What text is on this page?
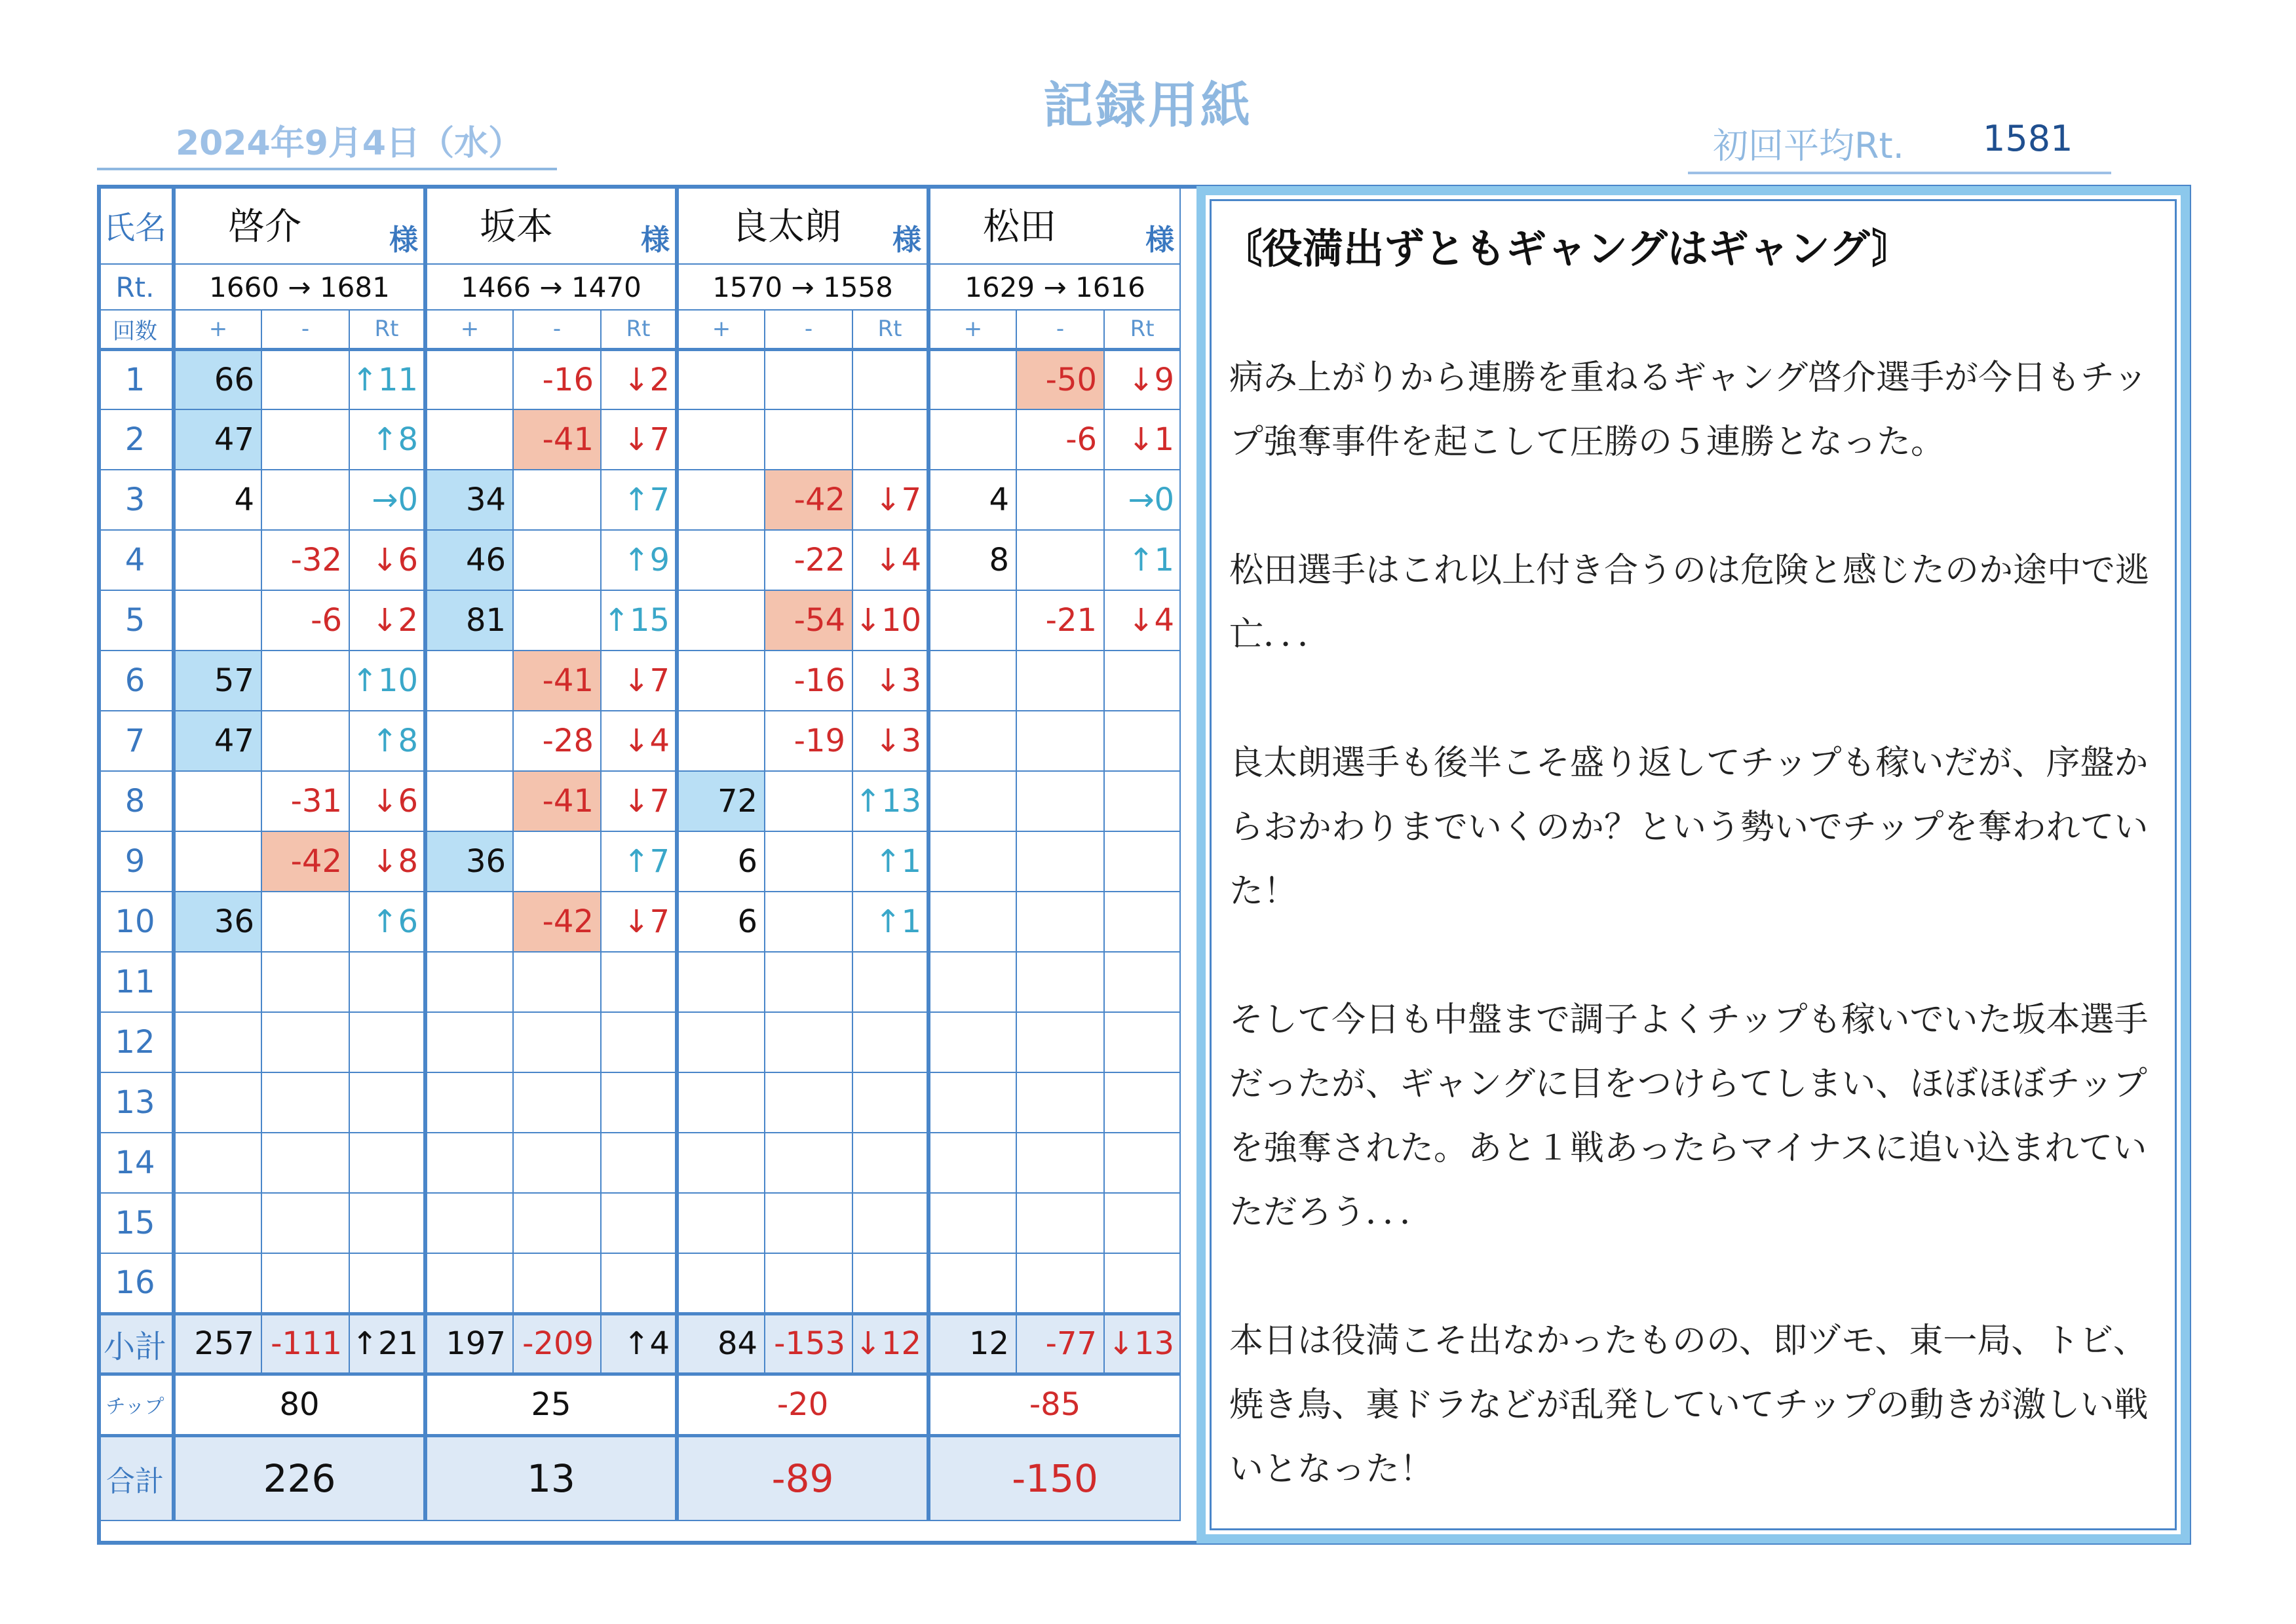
記録用紙
2024年9月4日（水）	初回平均Rt. 1581
氏名	啓介 様			坂本 様			良太朗 様			松田 様		

Rt.	1660 → 1681			1466 → 1470			1570 → 1558			1629 → 1616		
回数	+	-	Rt	+	-	Rt	+	-	Rt	+	-	Rt
1	66		↑11		-16	↓2					-50	↓9
2	47		↑8		-41	↓7					-6	↓1
3	4		→0	34		↑7		-42	↓7	4		→0
4		-32	↓6	46		↑9		-22	↓4	8		↑1
5		-6	↓2	81		↑15		-54	↓10		-21	↓4
6	57		↑10		-41	↓7		-16	↓3			
7	47		↑8		-28	↓4		-19	↓3			
8		-31	↓6		-41	↓7	72		↑13			
9		-42	↓8	36		↑7	6		↑1			
10	36		↑6		-42	↓7	6		↑1			
11												
12												
13												
14												
15												
16												
小計	257	-111	↑21	197	-209	↑4	84	-153	↓12	12	-77	↓13
チップ	80			25			-20			-85		
合計	226			13			-89			-150		
〘役満出ずともギャングはギャング〙

病み上がりから連勝を重ねるギャング啓介選手が今日もチップ強奪事件を起こして圧勝の５連勝となった。

松田選手はこれ以上付き合うのは危険と感じたのか途中で逃亡．．．

良太朗選手も後半こそ盛り返してチップも稼いだが、序盤からおかわりまでいくのか？という勢いでチップを奪われていた！

そして今日も中盤まで調子よくチップも稼いでいた坂本選手だったが、ギャングに目をつけらてしまい、ほぼほぼチップを強奪された。あと１戦あったらマイナスに追い込まれていただろう．．．

本日は役満こそ出なかったものの、即ヅモ、東一局、トビ、焼き鳥、裏ドラなどが乱発していてチップの動きが激しい戦いとなった！
